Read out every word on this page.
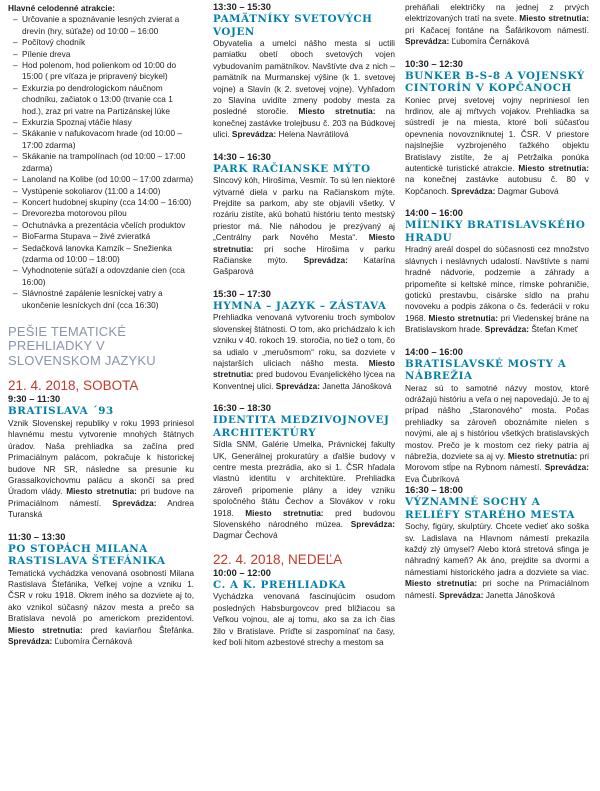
Hlavné celodenné atrakcie:
– Určovanie a spoznávanie lesných zvierat a drevín (hry, súťaže) od 10:00 – 16:00
– Počítový chodník
– Pílenie dreva
– Hod polenom, hod polienkom od 10:00 do 15:00 ( pre víťaza je pripravený bicykel)
– Exkurzia po dendrologickom náučnom chodníku, začiatok o 13:00 (trvanie cca 1 hod.), zraz pri vatre na Partizánskej lúke
– Exkurzia Spoznaj vtáčie hlasy
– Skákanie v nafukovacom hrade (od 10:00 – 17:00 zdarma)
– Skákanie na trampolínach (od 10:00 – 17:00 zdarma)
– Lanoland na Kolibe (od 10:00 – 17:00 zdarma)
– Vystúpenie sokoliarov (11:00 a 14:00)
– Koncert hudobnej skupiny (cca 14:00 – 16:00)
– Drevorezba motorovou pílou
– Ochutnávka a prezentácia včelích produktov
– BioFarma Stupava – živé zvieratká
– Sedačková lanovka Kamzík – Snežienka (zdarma od 10:00 – 18:00)
– Vyhodnotenie súťaží a odovzdanie cien (cca 16:00)
– Slávnostné zapálenie lesníckej vatry a ukončenie lesníckych dní (cca 16:30)
PEŠIE TEMATICKÉ PREHLIADKY V SLOVENSKOM JAZYKU
21. 4. 2018, SOBOTA
9:30 – 11:30
BRATISLAVA ´93

Vznik Slovenskej republiky v roku 1993 priniesol hlavnému mestu vytvorenie mnohých štátnych úradov. Naša prehliadka sa začína pred Primaciálnym palácom, pokračuje k historickej budove NR SR, následne sa presunie ku Grassalkovichovmu palácu a skončí sa pred Úradom vlády. Miesto stretnutia: pri budove na Primaciálnom námestí. Sprevádza: Andrea Turanská

11:30 – 13:30
PO STOPÁCH MILANA RASTISLAVA ŠTEFÁNIKA

Tematická vychádzka venovaná osobnosti Milana Rastislava Štefánika, Veľkej vojne a vzniku 1. ČSR v roku 1918. Okrem iného sa dozviete aj to, ako vznikol súčasný názov mesta a prečo sa Bratislava nevolá po americkom prezidentovi. Miesto stretnutia: pred kaviarňou Štefánka. Sprevádza: Ľubomíra Černáková

13:30 – 15:30
PAMÄTNÍKY SVETOVÝCH VOJEN

Obyvatelia a umelci nášho mesta si uctili pamiatku obetí oboch svetových vojen vybudovaním pamätníkov. Navštívte dva z nich – pamätník na Murmanskej výšine (k 1. svetovej vojne) a Slavín (k 2. svetovej vojne). Vyhľadom zo Slavína uvidíte zmeny podoby mesta za posledné storočie. Miesto stretnutia: na konečnej zastávke trolejbusu č. 203 na Búdkovej ulici. Sprevádza: Helena Navrátilová

14:30 – 16:30
PARK RAČIANSKE MÝTO

Slncový kóh, Hirošima, Vesmír. To sú len niektoré výtvarné diela v parku na Račianskom mýte. Prejdite sa parkom, aby ste objavili všetky. V rozáriu zistíte, akú bohatú históriu tento mestský priestor má. Nie náhodou je prezývaný aj „Centrálny park Nového Mesta“. Miesto stretnutia: pri soche Hirošima v parku Račianske mýto. Sprevádza: Katarína Gašparová

15:30 – 17:30
HYMNA – JAZYK – ZÁSTAVA

Prehliadka venovaná vytvoreniu troch symbolov slovenskej štátnosti. O tom, ako prichádzalo k ich vzniku v 40. rokoch 19. storočia, no tiež o tom, čo sa udialo v „meruôsmom“ roku, sa dozviete v najstarších uliciach nášho mesta. Miesto stretnutia: pred budovou Evanjelického lýcea na Konventnej ulici. Sprevádza: Janetta Jánošková

16:30 – 18:30
IDENTITA MEDZIVOJNOVEJ ARCHITEKTÚRY

Sídla SNM, Galérie Umelka, Právnickej fakulty UK, Generálnej prokuratúry a ďalšie budovy v centre mesta prezrádia, ako si 1. ČSR hľadala vlastnú identitu v architektúre. Prehliadka zároveň pripomenie plány a idey vzniku spoločného štátu Čechov a Slovákov v roku 1918. Miesto stretnutia: pred budovou Slovenského národného múzea. Sprevádza: Dagmar Čechová

22. 4. 2018, NEDEĽA
10:00 – 12:00
C. A K. PREHLIADKA

Vychádzka venovaná fascinujúcim osudom posledných Habsburgovcov pred bližiacou sa Veľkou vojnou, ale aj tomu, ako sa za ich čias žilo v Bratislave. Príďte si zaspomínať na časy, keď boli hitom azbestové strechy a mestom sa

preháňali električky na jednej z prvých elektrizovaných tratí na svete. Miesto stretnutia: pri Kačacej fontáne na Šafárikovom námestí. Sprevádza: Ľubomíra Černáková

10:30 – 12:30
BUNKER B-S-8 A VOJENSKÝ CINTORÍN V KOPČANOCH

Koniec prvej svetovej vojny nepriniesol len hrdinov, ale aj mŕtvych vojakov. Prehliadka sa sústredí je na miesta, ktoré boli súčasťou opevnenia novovzniknutej 1. ČSR. V priestore najslnejšie vyzbrojeného ťažkého objektu Bratislavy zistíte, že aj Petržalka ponúka autentické turistické atrakcie. Miesto stretnutia: na konečnej zastávke autobusu č. 80 v Kopčanoch. Sprevádza: Dagmar Gubová

14:00 – 16:00
MÍĽNIKY BRATISLAVSKÉHO HRADU

Hradný areál dospel do súčasnosti cez množstvo slávnych i neslávnych udalostí. Navštívte s nami hradné nádvorie, podzemie a záhrady a pripomeňte si keltské mince, rímske pohraničie, gotickú prestavbu, cisárske sídlo na prahu novoveku a podpis zákona o čs. federácii v roku 1968. Miesto stretnutia: pri Viedenskej bráne na Bratislavskom hrade. Sprevádza: Štefan Kmeť

14:00 – 16:00
BRATISLAVSKÉ MOSTY A NÁBREŽIA

Neraz sú to samotné názvy mostov, ktoré odrážajú históriu a veľa o nej napovedajú. Je to aj prípad nášho „Staronového“ mosta. Počas prehliadky sa zároveň oboznámite nielen s novými, ale aj s históriou všetkých bratislavských mostov. Prečo je k mostom cez rieky patria aj nábrežia, dozviete sa aj vy. Miesto stretnutia: pri Morovom stĺpe na Rybnom námestí. Sprevádza: Eva Čubríková

16:30 – 18:00
VÝZNAMNÉ SOCHY A RELIÉFY STARÉHO MESTA

Sochy, figúry, skulptúry. Chcete vedieť ako soška sv. Ladislava na Hlavnom námestí prekazila každý zlý úmysel? Alebo ktorá stretová sfinga je náhradný kameň? Ak áno, prejdite sa dvormi a námestiami historického jadra a dozviete sa viac. Miesto stretnutia: pri soche na Primaciálnom námestí. Sprevádza: Janetta Jánošková
